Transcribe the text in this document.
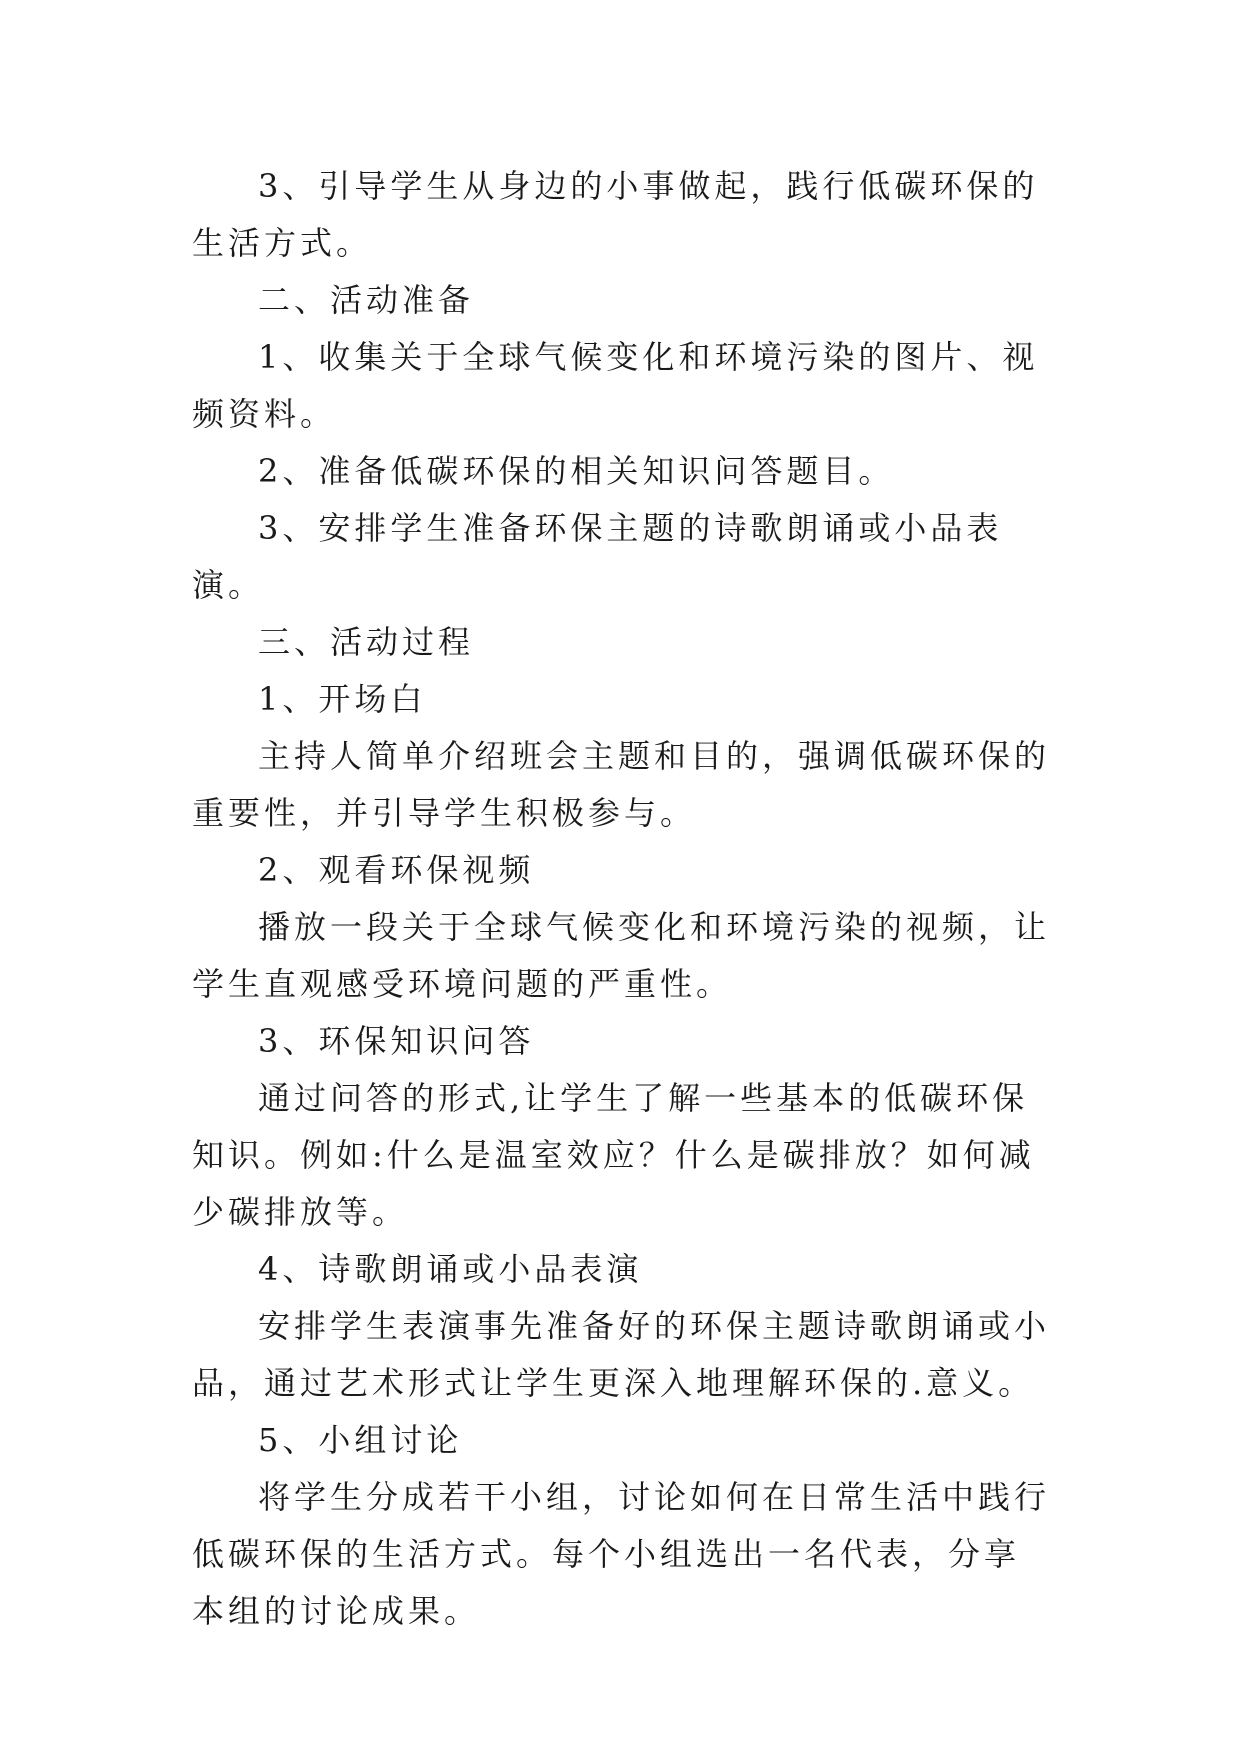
3、引导学生从身边的小事做起，践行低碳环保的生活方式。

二、活动准备

1、收集关于全球气候变化和环境污染的图片、视频资料。

2、准备低碳环保的相关知识问答题目。

3、安排学生准备环保主题的诗歌朗诵或小品表演。

三、活动过程

1、开场白

主持人简单介绍班会主题和目的，强调低碳环保的重要性，并引导学生积极参与。

2、观看环保视频

播放一段关于全球气候变化和环境污染的视频，让学生直观感受环境问题的严重性。

3、环保知识问答

通过问答的形式,让学生了解一些基本的低碳环保知识。例如:什么是温室效应？什么是碳排放？如何减少碳排放等。

4、诗歌朗诵或小品表演

安排学生表演事先准备好的环保主题诗歌朗诵或小品，通过艺术形式让学生更深入地理解环保的.意义。

5、小组讨论

将学生分成若干小组，讨论如何在日常生活中践行低碳环保的生活方式。每个小组选出一名代表，分享本组的讨论成果。
